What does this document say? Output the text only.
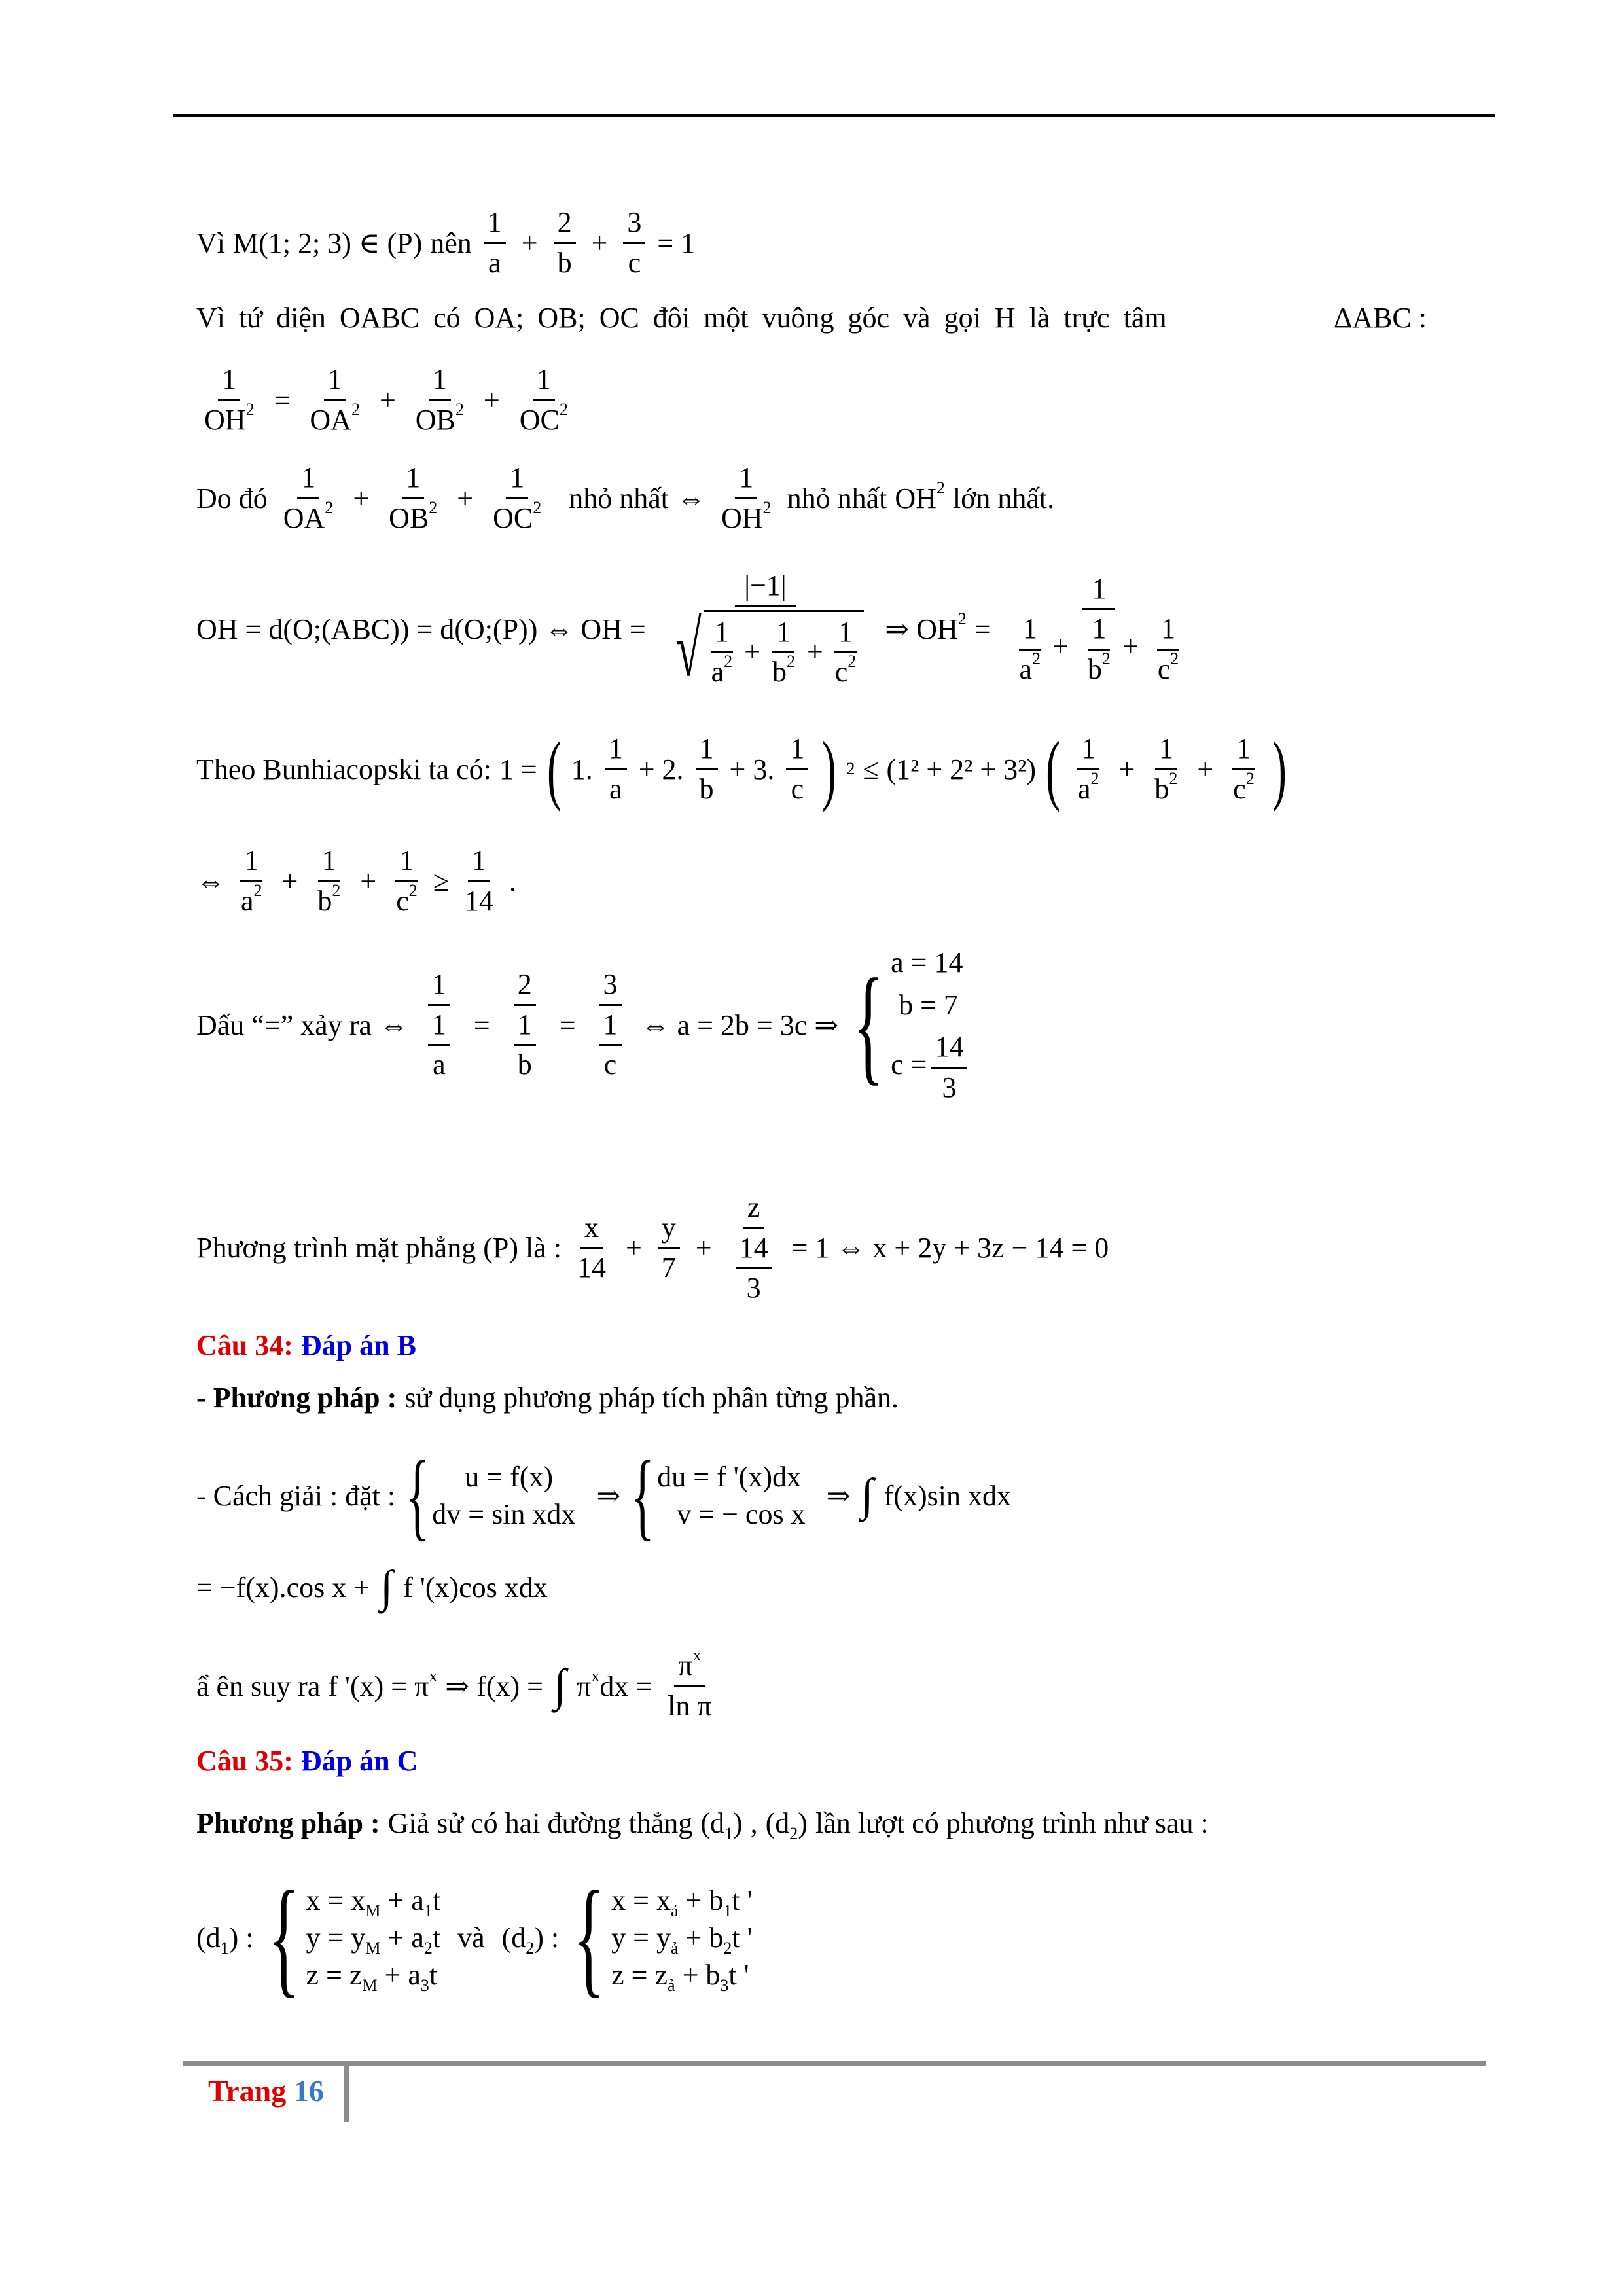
Vì M(1; 2; 3) ∈ (P) nên $\frac{1}{a} + \frac{2}{b} + \frac{3}{c} = 1$
Vì tứ diện OABC có OA; OB; OC đôi một vuông góc và gọi H là trực tâm	ΔABC :
$\frac{1}{OH^2} = \frac{1}{OA^2} + \frac{1}{OB^2} + \frac{1}{OC^2}$
Do đó $\frac{1}{OA^2} + \frac{1}{OB^2} + \frac{1}{OC^2}$ nhỏ nhất ⇔ $\frac{1}{OH^2}$ nhỏ nhất $OH^2$ lớn nhất.
OH = d(O;(ABC)) = d(O;(P)) ⇔ OH = $\frac{|-1|}{√ \frac{1}{a^2} + \frac{1}{b^2} + \frac{1}{c^2}}$ ⇒ $OH^2 = \frac{1}{\frac{1}{a^2} + \frac{1}{b^2} + \frac{1}{c^2}}$
Theo Bunhiacopski ta có: 1 = ( 1. $\frac{1}{a} + 2$. $\frac{1}{b} + 3$. $\frac{1}{c}$ ) 2 ≤ (1² + 2² + 3²) ( $\frac{1}{a^2} + \frac{1}{b^2} + \frac{1}{c^2}$ )
⇔ $\frac{1}{a^2} + \frac{1}{b^2} + \frac{1}{c^2} \ge \frac{1}{14}$ .
Dấu “=” xảy ra ⇔ $\frac{1}{\frac{1}{a}} = \frac{2}{\frac{1}{b}} = \frac{3}{\frac{1}{c}}$ ⇔ a = 2b = 3c ⇒ { a = 14
b = 7
$c = \frac{14}{3}$
Phương trình mặt phẳng (P) là : $\frac{x}{14} + \frac{y}{7} + \frac{z}{\frac{14}{3}} = 1$ ⇔ x + 2y + 3z − 14 = 0
Câu 34: Đáp án B
- Phương pháp : sử dụng phương pháp tích phân từng phần.
- Cách giải : đặt : {	u = f(x)
dv = sin xdx
⇒ { du = f '(x)dx
v = − cos x
⇒ ∫ f(x)sin xdx
= −f(x).cos x + ∫ f '(x)cos xdx
ẩ ên suy ra f '$(x) = \pi^x$ ⇒ f(x) = ∫ $\pi^xdx = \frac{\pi^x}{\text{ln π}}$
Câu 35: Đáp án C
Phương pháp : Giả sử có hai đường thẳng $(d_1)$ , $(d_2)$ lần lượt có phương trình như sau :
$(d_1)$ : { $x = x_M + a_1t$
$y = y_M + a_2t$
$z = z_M + a_3t$
và $(d_2)$ : { $x = x_ả + b_1t$ '
$y = y_ả + b_2t$ '
$z = z_ả + b_3t$ '
Trang 16
